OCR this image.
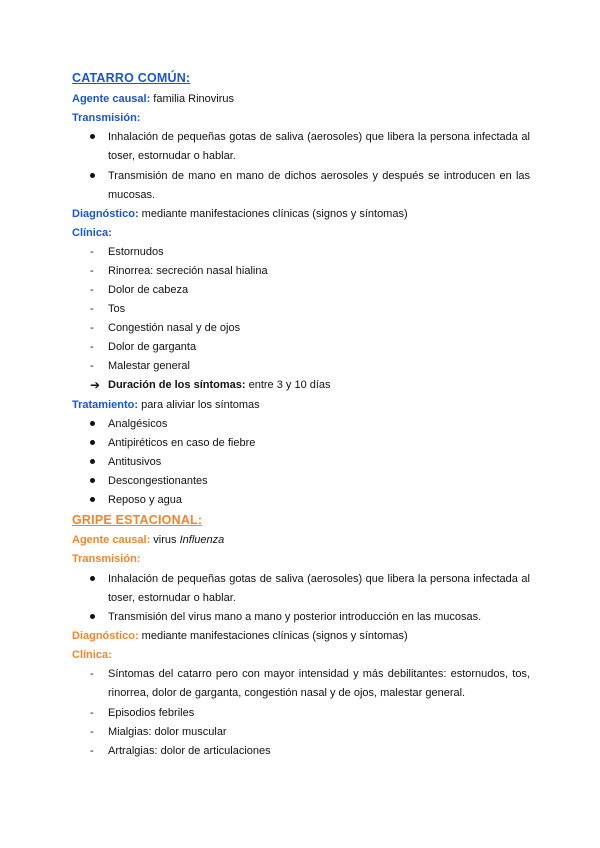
CATARRO COMÚN:
Agente causal: familia Rinovirus
Transmisión:
Inhalación de pequeñas gotas de saliva (aerosoles) que libera la persona infectada al toser, estornudar o hablar.
Transmisión de mano en mano de dichos aerosoles y después se introducen en las mucosas.
Diagnóstico: mediante manifestaciones clínicas (signos y síntomas)
Clínica:
-	Estornudos
-	Rinorrea: secreción nasal hialina
-	Dolor de cabeza
-	Tos
-	Congestión nasal y de ojos
-	Dolor de garganta
-	Malestar general
➔ Duración de los síntomas: entre 3 y 10 días
Tratamiento: para aliviar los síntomas
Analgésicos
Antipiréticos en caso de fiebre
Antitusivos
Descongestionantes
Reposo y agua
GRIPE ESTACIONAL:
Agente causal: virus Influenza
Transmisión:
Inhalación de pequeñas gotas de saliva (aerosoles) que libera la persona infectada al toser, estornudar o hablar.
Transmisión del virus mano a mano y posterior introducción en las mucosas.
Diagnóstico: mediante manifestaciones clínicas (signos y síntomas)
Clínica:
-	Síntomas del catarro pero con mayor intensidad y más debilitantes: estornudos, tos, rinorrea, dolor de garganta, congestión nasal y de ojos, malestar general.
-	Episodios febriles
-	Mialgias: dolor muscular
-	Artralgias: dolor de articulaciones
